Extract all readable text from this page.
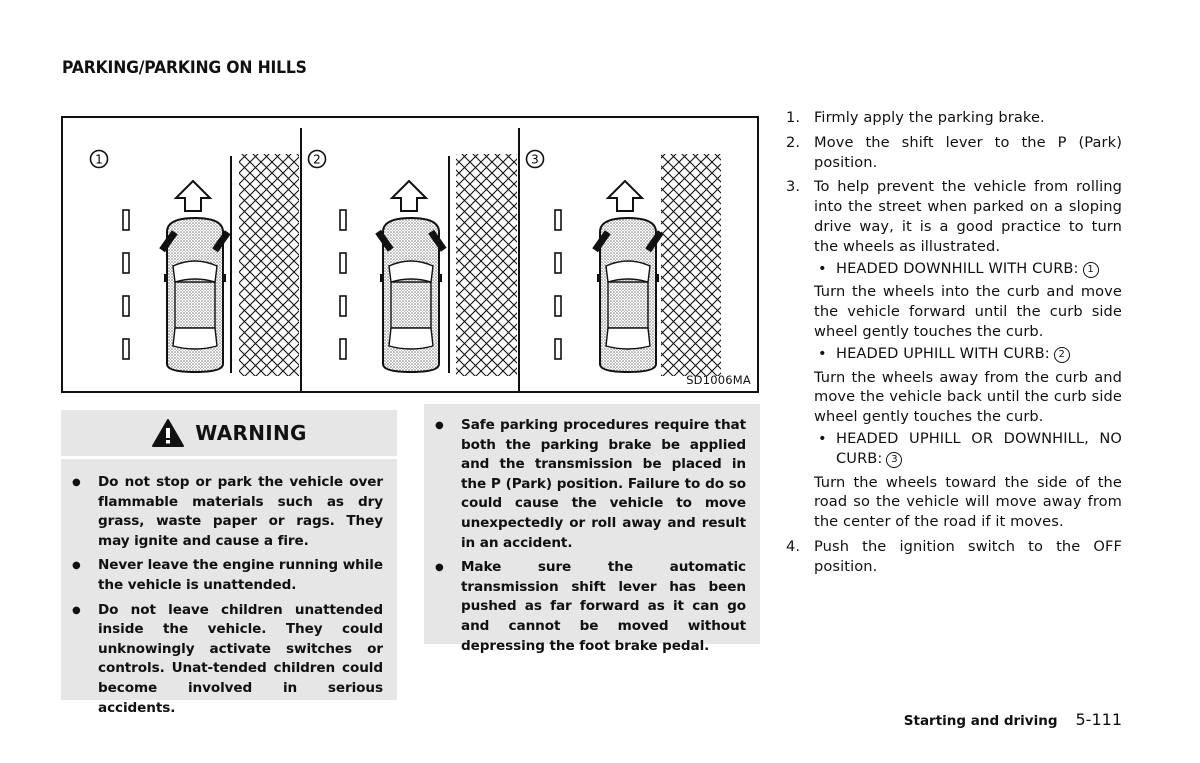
PARKING/PARKING ON HILLS
1	2	3
SD1006MA
WARNING
● Do not stop or park the vehicle over flammable materials such as dry grass, waste paper or rags. They may ignite and cause a fire.
● Never leave the engine running while the vehicle is unattended.
● Do not leave children unattended inside the vehicle. They could unknowingly activate switches or controls. Unat-tended children could become involved in serious accidents.
● Safe parking procedures require that both the parking brake be applied and the transmission be placed in the P (Park) position. Failure to do so could cause the vehicle to move unexpectedly or roll away and result in an accident.
● Make sure the automatic transmission shift lever has been pushed as far forward as it can go and cannot be moved without depressing the foot brake pedal.
1. Firmly apply the parking brake.
2. Move the shift lever to the P (Park) position.
3. To help prevent the vehicle from rolling into the street when parked on a sloping drive way, it is a good practice to turn the wheels as illustrated.
• HEADED DOWNHILL WITH CURB: 1
Turn the wheels into the curb and move the vehicle forward until the curb side wheel gently touches the curb.
• HEADED UPHILL WITH CURB: 2
Turn the wheels away from the curb and move the vehicle back until the curb side wheel gently touches the curb.
• HEADED UPHILL OR DOWNHILL, NO CURB: 3
Turn the wheels toward the side of the road so the vehicle will move away from the center of the road if it moves.
4. Push the ignition switch to the OFF position.
Starting and driving 5-111
